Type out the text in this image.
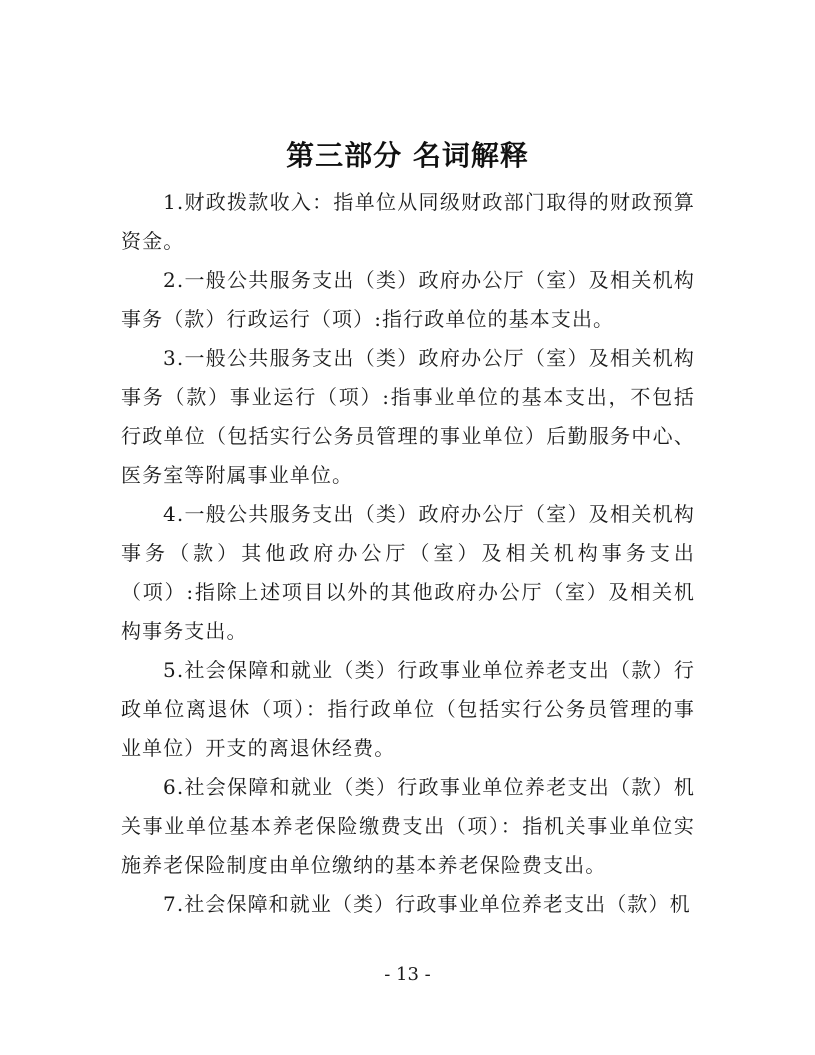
第三部分 名词解释

1.财政拨款收入：指单位从同级财政部门取得的财政预算资金。

2.一般公共服务支出（类）政府办公厅（室）及相关机构事务（款）行政运行（项）:指行政单位的基本支出。

3.一般公共服务支出（类）政府办公厅（室）及相关机构事务（款）事业运行（项）:指事业单位的基本支出，不包括行政单位（包括实行公务员管理的事业单位）后勤服务中心、医务室等附属事业单位。

4.一般公共服务支出（类）政府办公厅（室）及相关机构事务（款）其他政府办公厅（室）及相关机构事务支出（项）:指除上述项目以外的其他政府办公厅（室）及相关机构事务支出。

5.社会保障和就业（类）行政事业单位养老支出（款）行政单位离退休（项）：指行政单位（包括实行公务员管理的事业单位）开支的离退休经费。

6.社会保障和就业（类）行政事业单位养老支出（款）机关事业单位基本养老保险缴费支出（项）：指机关事业单位实施养老保险制度由单位缴纳的基本养老保险费支出。

7.社会保障和就业（类）行政事业单位养老支出（款）机

- 13 -
